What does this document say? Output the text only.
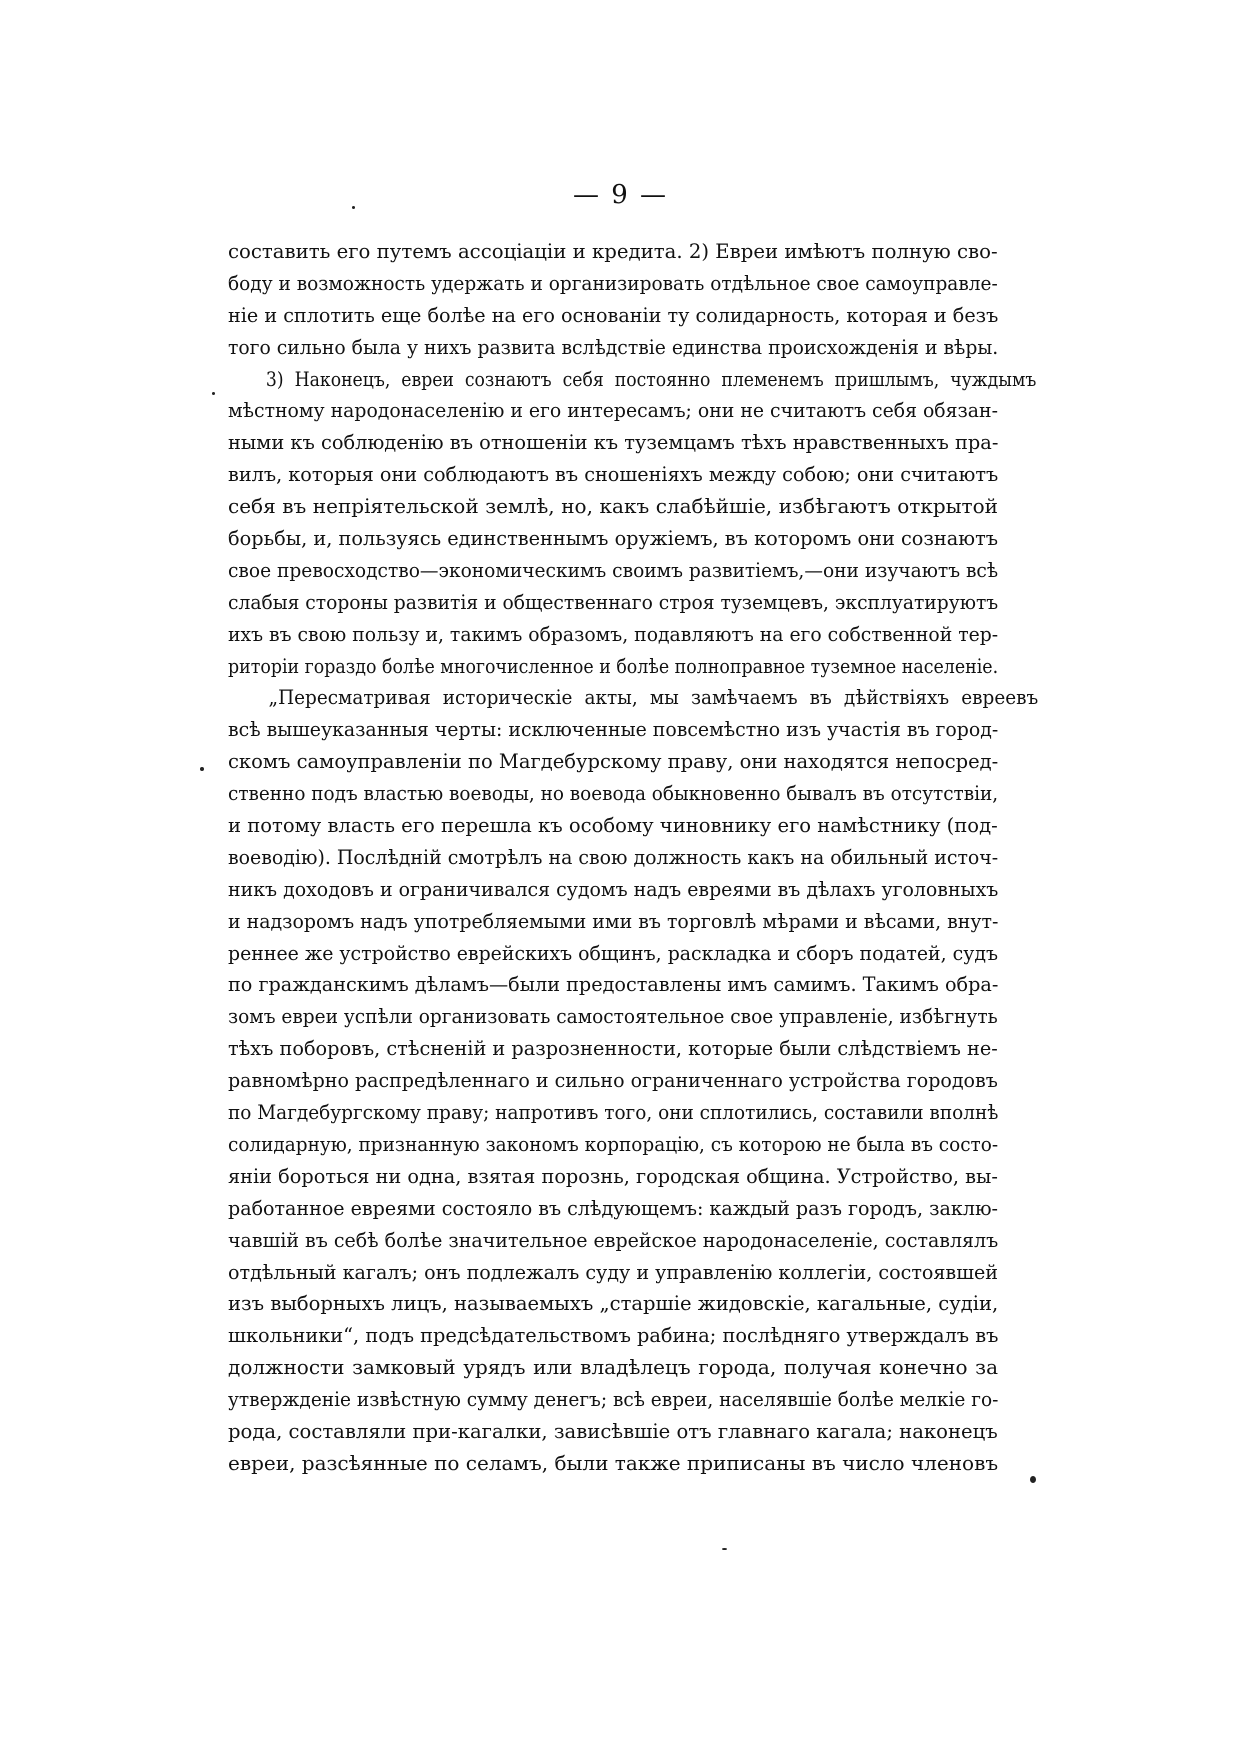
— 9 —
составить его путемъ ассоціаціи и кредита. 2) Евреи имѣютъ полную сво-
боду и возможность удержать и организировать отдѣльное свое самоуправле-
ніе и сплотить еще болѣе на его основаніи ту солидарность, которая и безъ
того сильно была у нихъ развита вслѣдствіе единства происхожденія и вѣры.
3) Наконецъ, евреи сознаютъ себя постоянно племенемъ пришлымъ, чуждымъ
мѣстному народонаселенію и его интересамъ; они не считаютъ себя обязан-
ными къ соблюденію въ отношеніи къ туземцамъ тѣхъ нравственныхъ пра-
вилъ, которыя они соблюдаютъ въ сношеніяхъ между собою; они считаютъ
себя въ непріятельской землѣ, но, какъ слабѣйшіе, избѣгаютъ открытой
борьбы, и, пользуясь единственнымъ оружіемъ, въ которомъ они сознаютъ
свое превосходство—экономическимъ своимъ развитіемъ,—они изучаютъ всѣ
слабыя стороны развитія и общественнаго строя туземцевъ, эксплуатируютъ
ихъ въ свою пользу и, такимъ образомъ, подавляютъ на его собственной тер-
риторіи гораздо болѣе многочисленное и болѣе полноправное туземное населеніе.
„Пересматривая историческіе акты, мы замѣчаемъ въ дѣйствіяхъ евреевъ
всѣ вышеуказанныя черты: исключенные повсемѣстно изъ участія въ город-
скомъ самоуправленіи по Магдебурскому праву, они находятся непосред-
ственно подъ властью воеводы, но воевода обыкновенно бывалъ въ отсутствіи,
и потому власть его перешла къ особому чиновнику его намѣстнику (под-
воеводію). Послѣдній смотрѣлъ на свою должность какъ на обильный источ-
никъ доходовъ и ограничивался судомъ надъ евреями въ дѣлахъ уголовныхъ
и надзоромъ надъ употребляемыми ими въ торговлѣ мѣрами и вѣсами, внут-
реннее же устройство еврейскихъ общинъ, раскладка и сборъ податей, судъ
по гражданскимъ дѣламъ—были предоставлены имъ самимъ. Такимъ обра-
зомъ евреи успѣли организовать самостоятельное свое управленіе, избѣгнуть
тѣхъ поборовъ, стѣсненій и разрозненности, которые были слѣдствіемъ не-
равномѣрно распредѣленнаго и сильно ограниченнаго устройства городовъ
по Магдебургскому праву; напротивъ того, они сплотились, составили вполнѣ
солидарную, признанную закономъ корпорацію, съ которою не была въ состо-
яніи бороться ни одна, взятая порознь, городская община. Устройство, вы-
работанное евреями состояло въ слѣдующемъ: каждый разъ городъ, заклю-
чавшій въ себѣ болѣе значительное еврейское народонаселеніе, составлялъ
отдѣльный кагалъ; онъ подлежалъ суду и управленію коллегіи, состоявшей
изъ выборныхъ лицъ, называемыхъ „старшіе жидовскіе, кагальные, судіи,
школьники“, подъ предсѣдательствомъ рабина; послѣдняго утверждалъ въ
должности замковый урядъ или владѣлецъ города, получая конечно за
утвержденіе извѣстную сумму денегъ; всѣ евреи, населявшіе болѣе мелкіе го-
рода, составляли при-кагалки, зависѣвшіе отъ главнаго кагала; наконецъ
евреи, разсѣянные по селамъ, были также приписаны въ число членовъ
